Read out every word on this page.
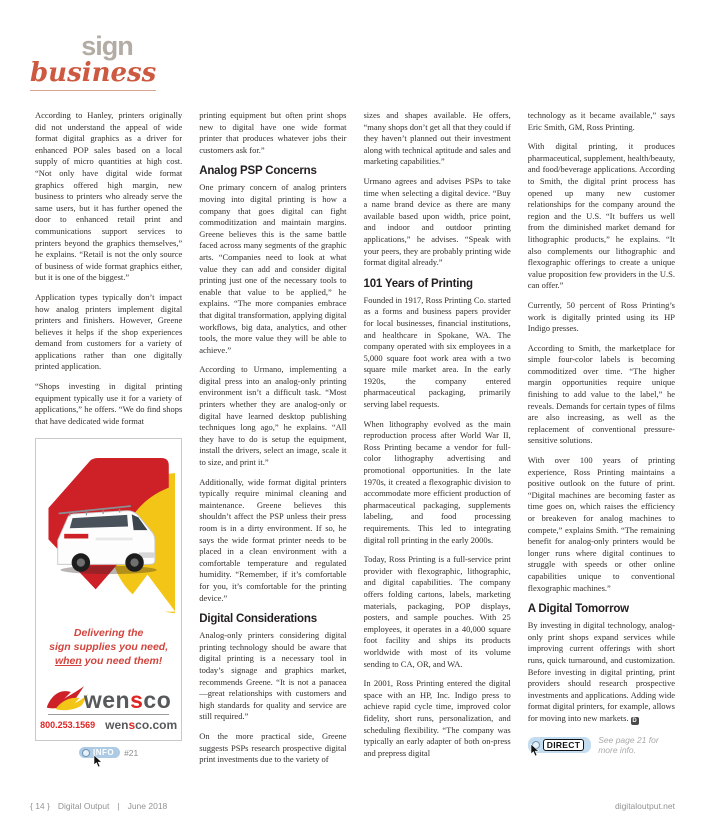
sign
business

According to Hanley, printers originally did not understand the appeal of wide format digital graphics as a driver for enhanced POP sales based on a local supply of micro quantities at high cost. “Not only have digital wide format graphics offered high margin, new business to printers who already serve the same users, but it has further opened the door to enhanced retail print and communications support services to printers beyond the graphics themselves,” he explains. “Retail is not the only source of business of wide format graphics either, but it is one of the biggest.”

Application types typically don’t impact how analog printers implement digital printers and finishers. However, Greene believes it helps if the shop experiences demand from customers for a variety of applications rather than one digitally printed application.

“Shops investing in digital printing equipment typically use it for a variety of applications,” he offers. “We do find shops that have dedicated wide format

Delivering the
sign supplies you need,
when you need them!
wensco
800.253.1569 wensco.com
INFO #21

printing equipment but often print shops new to digital have one wide format printer that produces whatever jobs their customers ask for.”

Analog PSP Concerns

One primary concern of analog printers moving into digital printing is how a company that goes digital can fight commoditization and maintain margins. Greene believes this is the same battle faced across many segments of the graphic arts. “Companies need to look at what value they can add and consider digital printing just one of the necessary tools to enable that value to be applied,” he explains. “The more companies embrace that digital transformation, applying digital workflows, big data, analytics, and other tools, the more value they will be able to achieve.”

According to Urmano, implementing a digital press into an analog-only printing environment isn’t a difficult task. “Most printers whether they are analog-only or digital have learned desktop publishing techniques long ago,” he explains. “All they have to do is setup the equipment, install the drivers, select an image, scale it to size, and print it.”

Additionally, wide format digital printers typically require minimal cleaning and maintenance. Greene believes this shouldn’t affect the PSP unless their press room is in a dirty environment. If so, he says the wide format printer needs to be placed in a clean environment with a comfortable temperature and regulated humidity. “Remember, if it’s comfortable for you, it’s comfortable for the printing device.”

Digital Considerations

Analog-only printers considering digital printing technology should be aware that digital printing is a necessary tool in today’s signage and graphics market, recommends Greene. “It is not a panacea—great relationships with customers and high standards for quality and service are still required.”

On the more practical side, Greene suggests PSPs research prospective digital print investments due to the variety of

sizes and shapes available. He offers, “many shops don’t get all that they could if they haven’t planned out their investment along with technical aptitude and sales and marketing capabilities.”

Urmano agrees and advises PSPs to take time when selecting a digital device. “Buy a name brand device as there are many available based upon width, price point, and indoor and outdoor printing applications,” he advises. “Speak with your peers, they are probably printing wide format digital already.”

101 Years of Printing

Founded in 1917, Ross Printing Co. started as a forms and business papers provider for local businesses, financial institutions, and healthcare in Spokane, WA. The company operated with six employees in a 5,000 square foot work area with a two square mile market area. In the early 1920s, the company entered pharmaceutical packaging, primarily serving label requests.

When lithography evolved as the main reproduction process after World War II, Ross Printing became a vendor for full-color lithography advertising and promotional opportunities. In the late 1970s, it created a flexographic division to accommodate more efficient production of pharmaceutical packaging, supplements labeling, and food processing requirements. This led to integrating digital roll printing in the early 2000s.

Today, Ross Printing is a full-service print provider with flexographic, lithographic, and digital capabilities. The company offers folding cartons, labels, marketing materials, packaging, POP displays, posters, and sample pouches. With 25 employees, it operates in a 40,000 square foot facility and ships its products worldwide with most of its volume sending to CA, OR, and WA.

In 2001, Ross Printing entered the digital space with an HP, Inc. Indigo press to achieve rapid cycle time, improved color fidelity, short runs, personalization, and scheduling flexibility. “The company was typically an early adapter of both on-press and prepress digital

technology as it became available,” says Eric Smith, GM, Ross Printing.

With digital printing, it produces pharmaceutical, supplement, health/beauty, and food/beverage applications. According to Smith, the digital print process has opened up many new customer relationships for the company around the region and the U.S. “It buffers us well from the diminished market demand for lithographic products,” he explains. “It also complements our lithographic and flexographic offerings to create a unique value proposition few providers in the U.S. can offer.”

Currently, 50 percent of Ross Printing’s work is digitally printed using its HP Indigo presses.

According to Smith, the marketplace for simple four-color labels is becoming commoditized over time. “The higher margin opportunities require unique finishing to add value to the label,” he reveals. Demands for certain types of films are also increasing, as well as the replacement of conventional pressure-sensitive solutions.

With over 100 years of printing experience, Ross Printing maintains a positive outlook on the future of print. “Digital machines are becoming faster as time goes on, which raises the efficiency or breakeven for analog machines to compete,” explains Smith. “The remaining benefit for analog-only printers would be longer runs where digital continues to struggle with speeds or other online capabilities unique to conventional flexographic machines.”

A Digital Tomorrow

By investing in digital technology, analog-only print shops expand services while improving current offerings with short runs, quick turnaround, and customization. Before investing in digital printing, print providers should research prospective investments and applications. Adding wide format digital printers, for example, allows for moving into new markets. D

DIRECT	See page 21 for more info.
{ 14 } Digital Output | June 2018	digitaloutput.net
